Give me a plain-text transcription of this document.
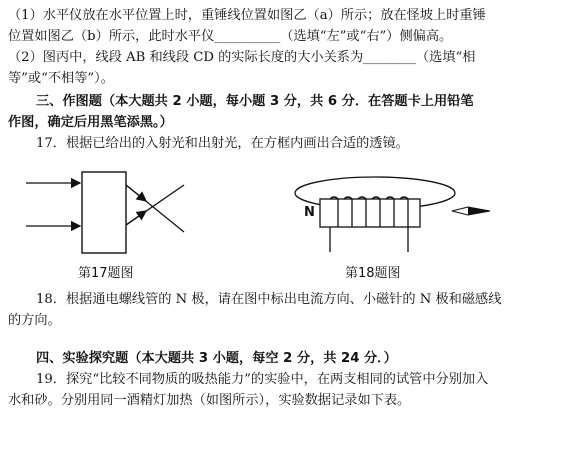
（1）水平仪放在水平位置上时，重锤线位置如图乙（a）所示；放在怪坡上时重锤
位置如图乙（b）所示，此时水平仪__________（选填“左”或“右”）侧偏高。
（2）图丙中，线段 AB 和线段 CD 的实际长度的大小关系为________（选填“相
等”或“不相等”）。
三、作图题（本大题共 2 小题，每小题 3 分，共 6 分．在答题卡上用铅笔
作图，确定后用黑笔添黑。）
17．根据已给出的入射光和出射光，在方框内画出合适的透镜。
第17题图
N
第18题图
18．根据通电螺线管的 N 极，请在图中标出电流方向、小磁针的 N 极和磁感线
的方向。
四、实验探究题（本大题共 3 小题，每空 2 分，共 24 分．）
19．探究“比较不同物质的吸热能力”的实验中，在两支相同的试管中分别加入
水和砂。分别用同一酒精灯加热（如图所示），实验数据记录如下表。
